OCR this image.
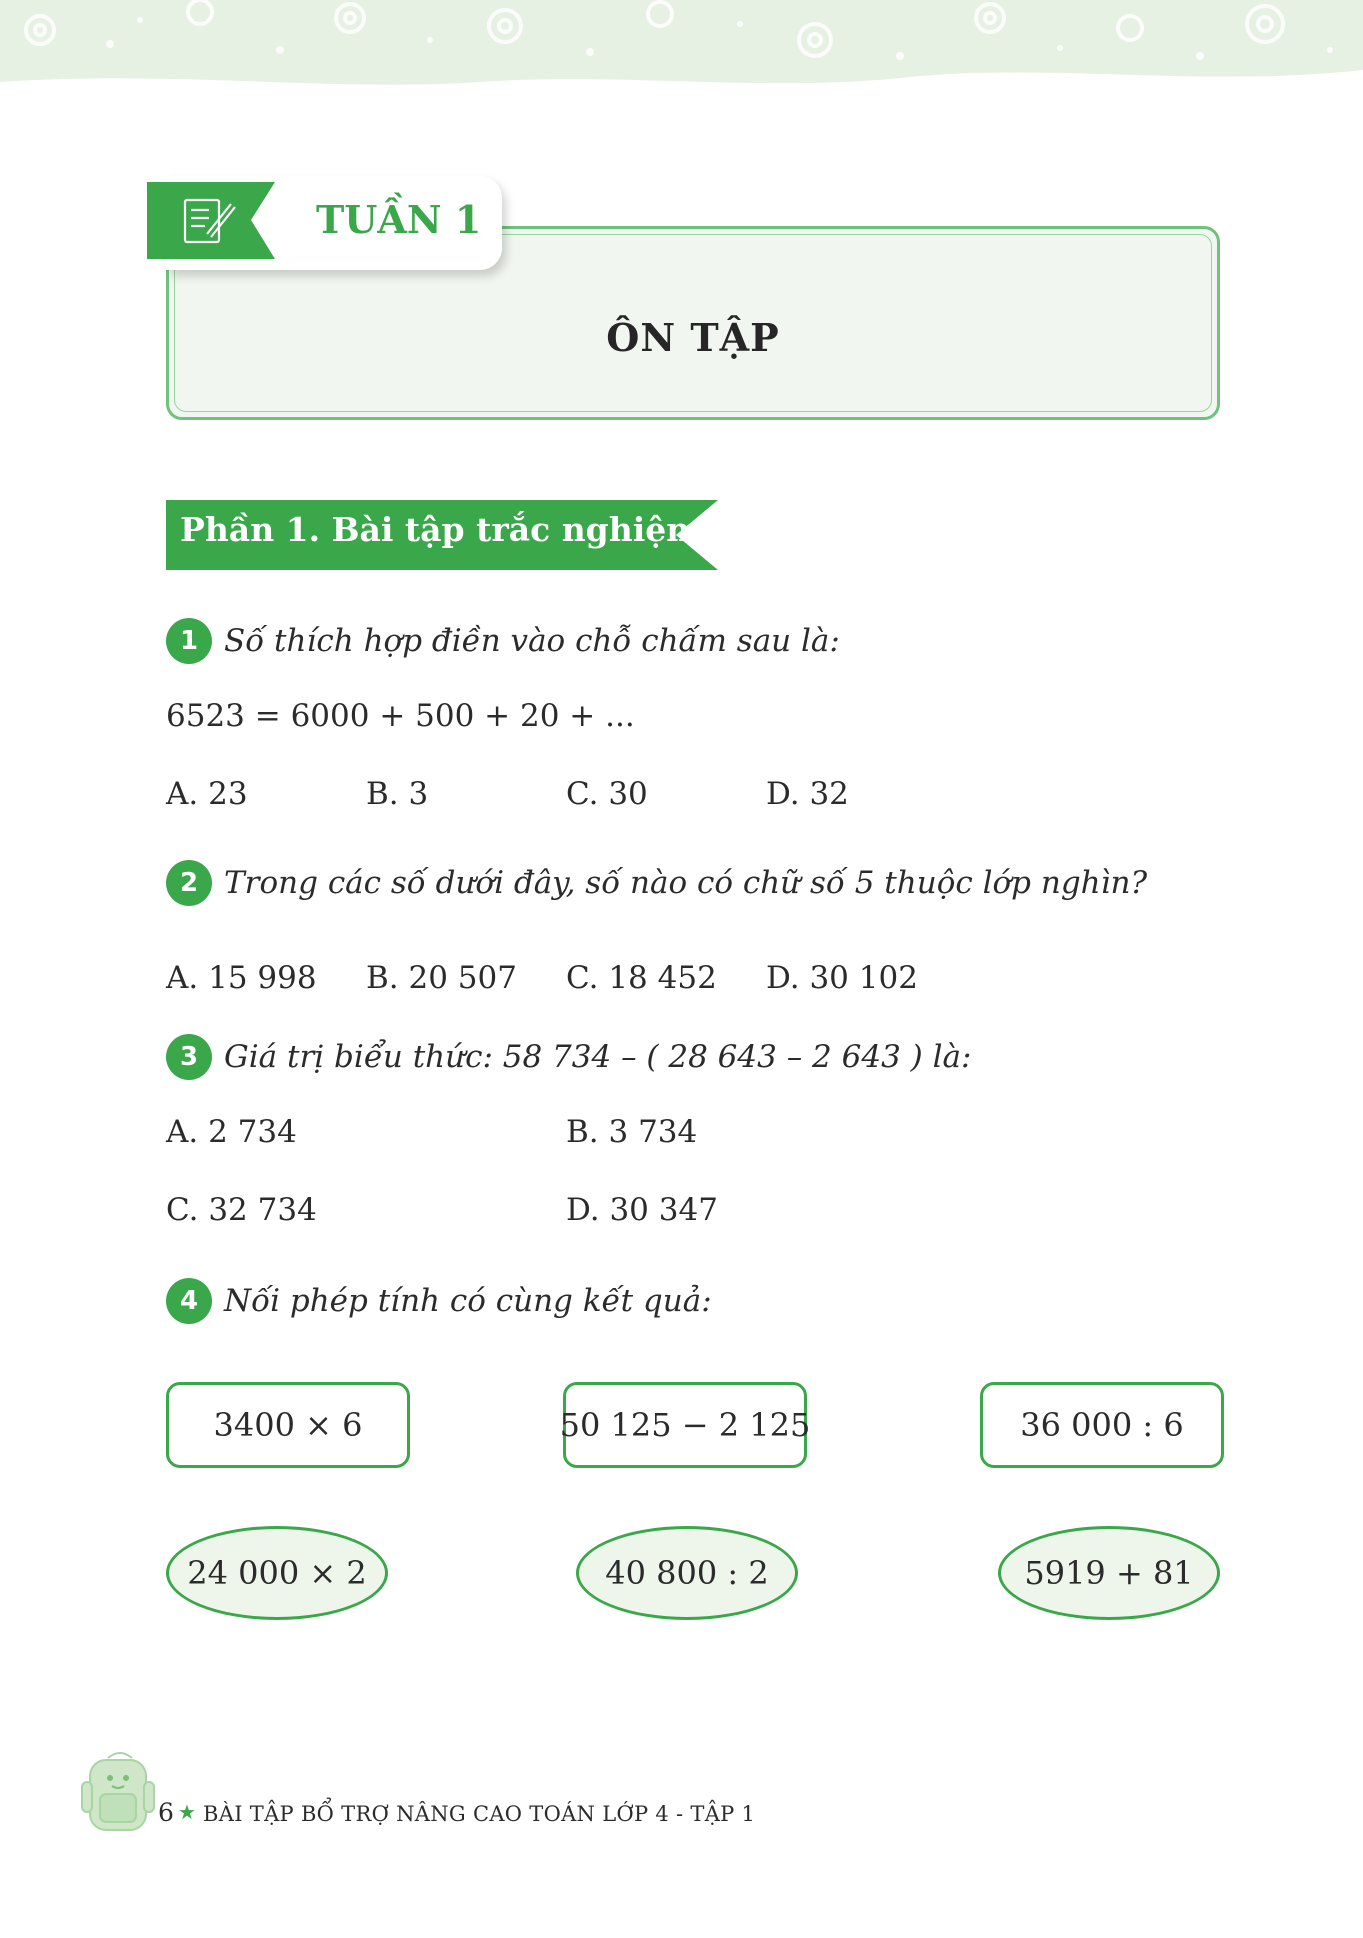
ÔN TẬP
TUẦN 1
Phần 1. Bài tập trắc nghiệm
1 Số thích hợp điền vào chỗ chấm sau là:
6523 = 6000 + 500 + 20 + ...
A. 23	B. 3	C. 30	D. 32
2 Trong các số dưới đây, số nào có chữ số 5 thuộc lớp nghìn?
A. 15 998 B. 20 507 C. 18 452 D. 30 102
3 Giá trị biểu thức: 58 734 – ( 28 643 – 2 643 ) là:
A. 2 734	B. 3 734
C. 32 734	D. 30 347
4 Nối phép tính có cùng kết quả:
3400 × 6	50 125 − 2 125	36 000 : 6
24 000 × 2	40 800 : 2	5919 + 81
6 ★ BÀI TẬP BỔ TRỢ NÂNG CAO TOÁN LỚP 4 - TẬP 1
